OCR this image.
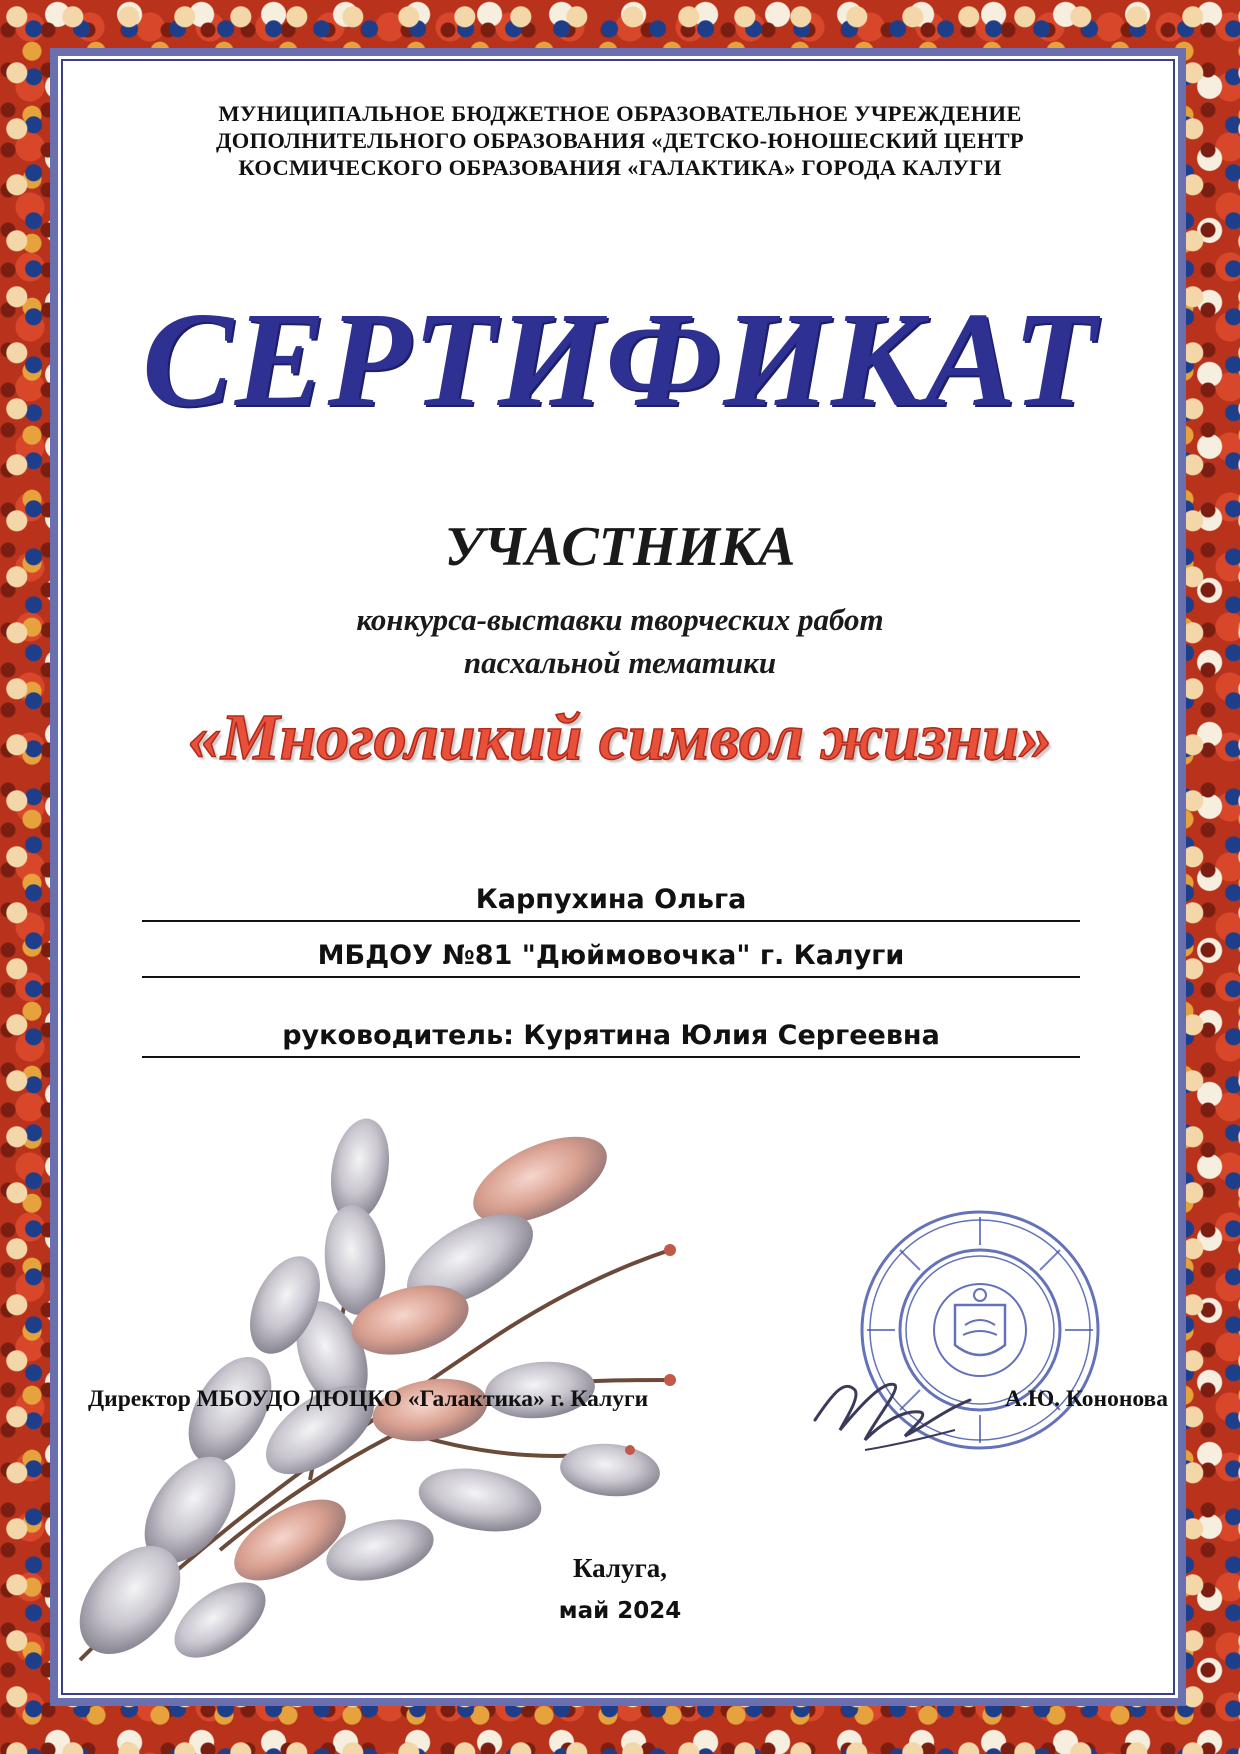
МУНИЦИПАЛЬНОЕ БЮДЖЕТНОЕ ОБРАЗОВАТЕЛЬНОЕ УЧРЕЖДЕНИЕ
ДОПОЛНИТЕЛЬНОГО ОБРАЗОВАНИЯ «ДЕТСКО-ЮНОШЕСКИЙ ЦЕНТР
КОСМИЧЕСКОГО ОБРАЗОВАНИЯ «ГАЛАКТИКА» ГОРОДА КАЛУГИ
СЕРТИФИКАТ
УЧАСТНИКА
конкурса-выставки творческих работ
пасхальной тематики
«Многоликий символ жизни»
Карпухина Ольга
МБДОУ №81 "Дюймовочка" г. Калуги
руководитель: Курятина Юлия Сергеевна
Директор МБОУДО ДЮЦКО «Галактика» г. Калуги	А.Ю. Кононова
Калуга,
май 2024
